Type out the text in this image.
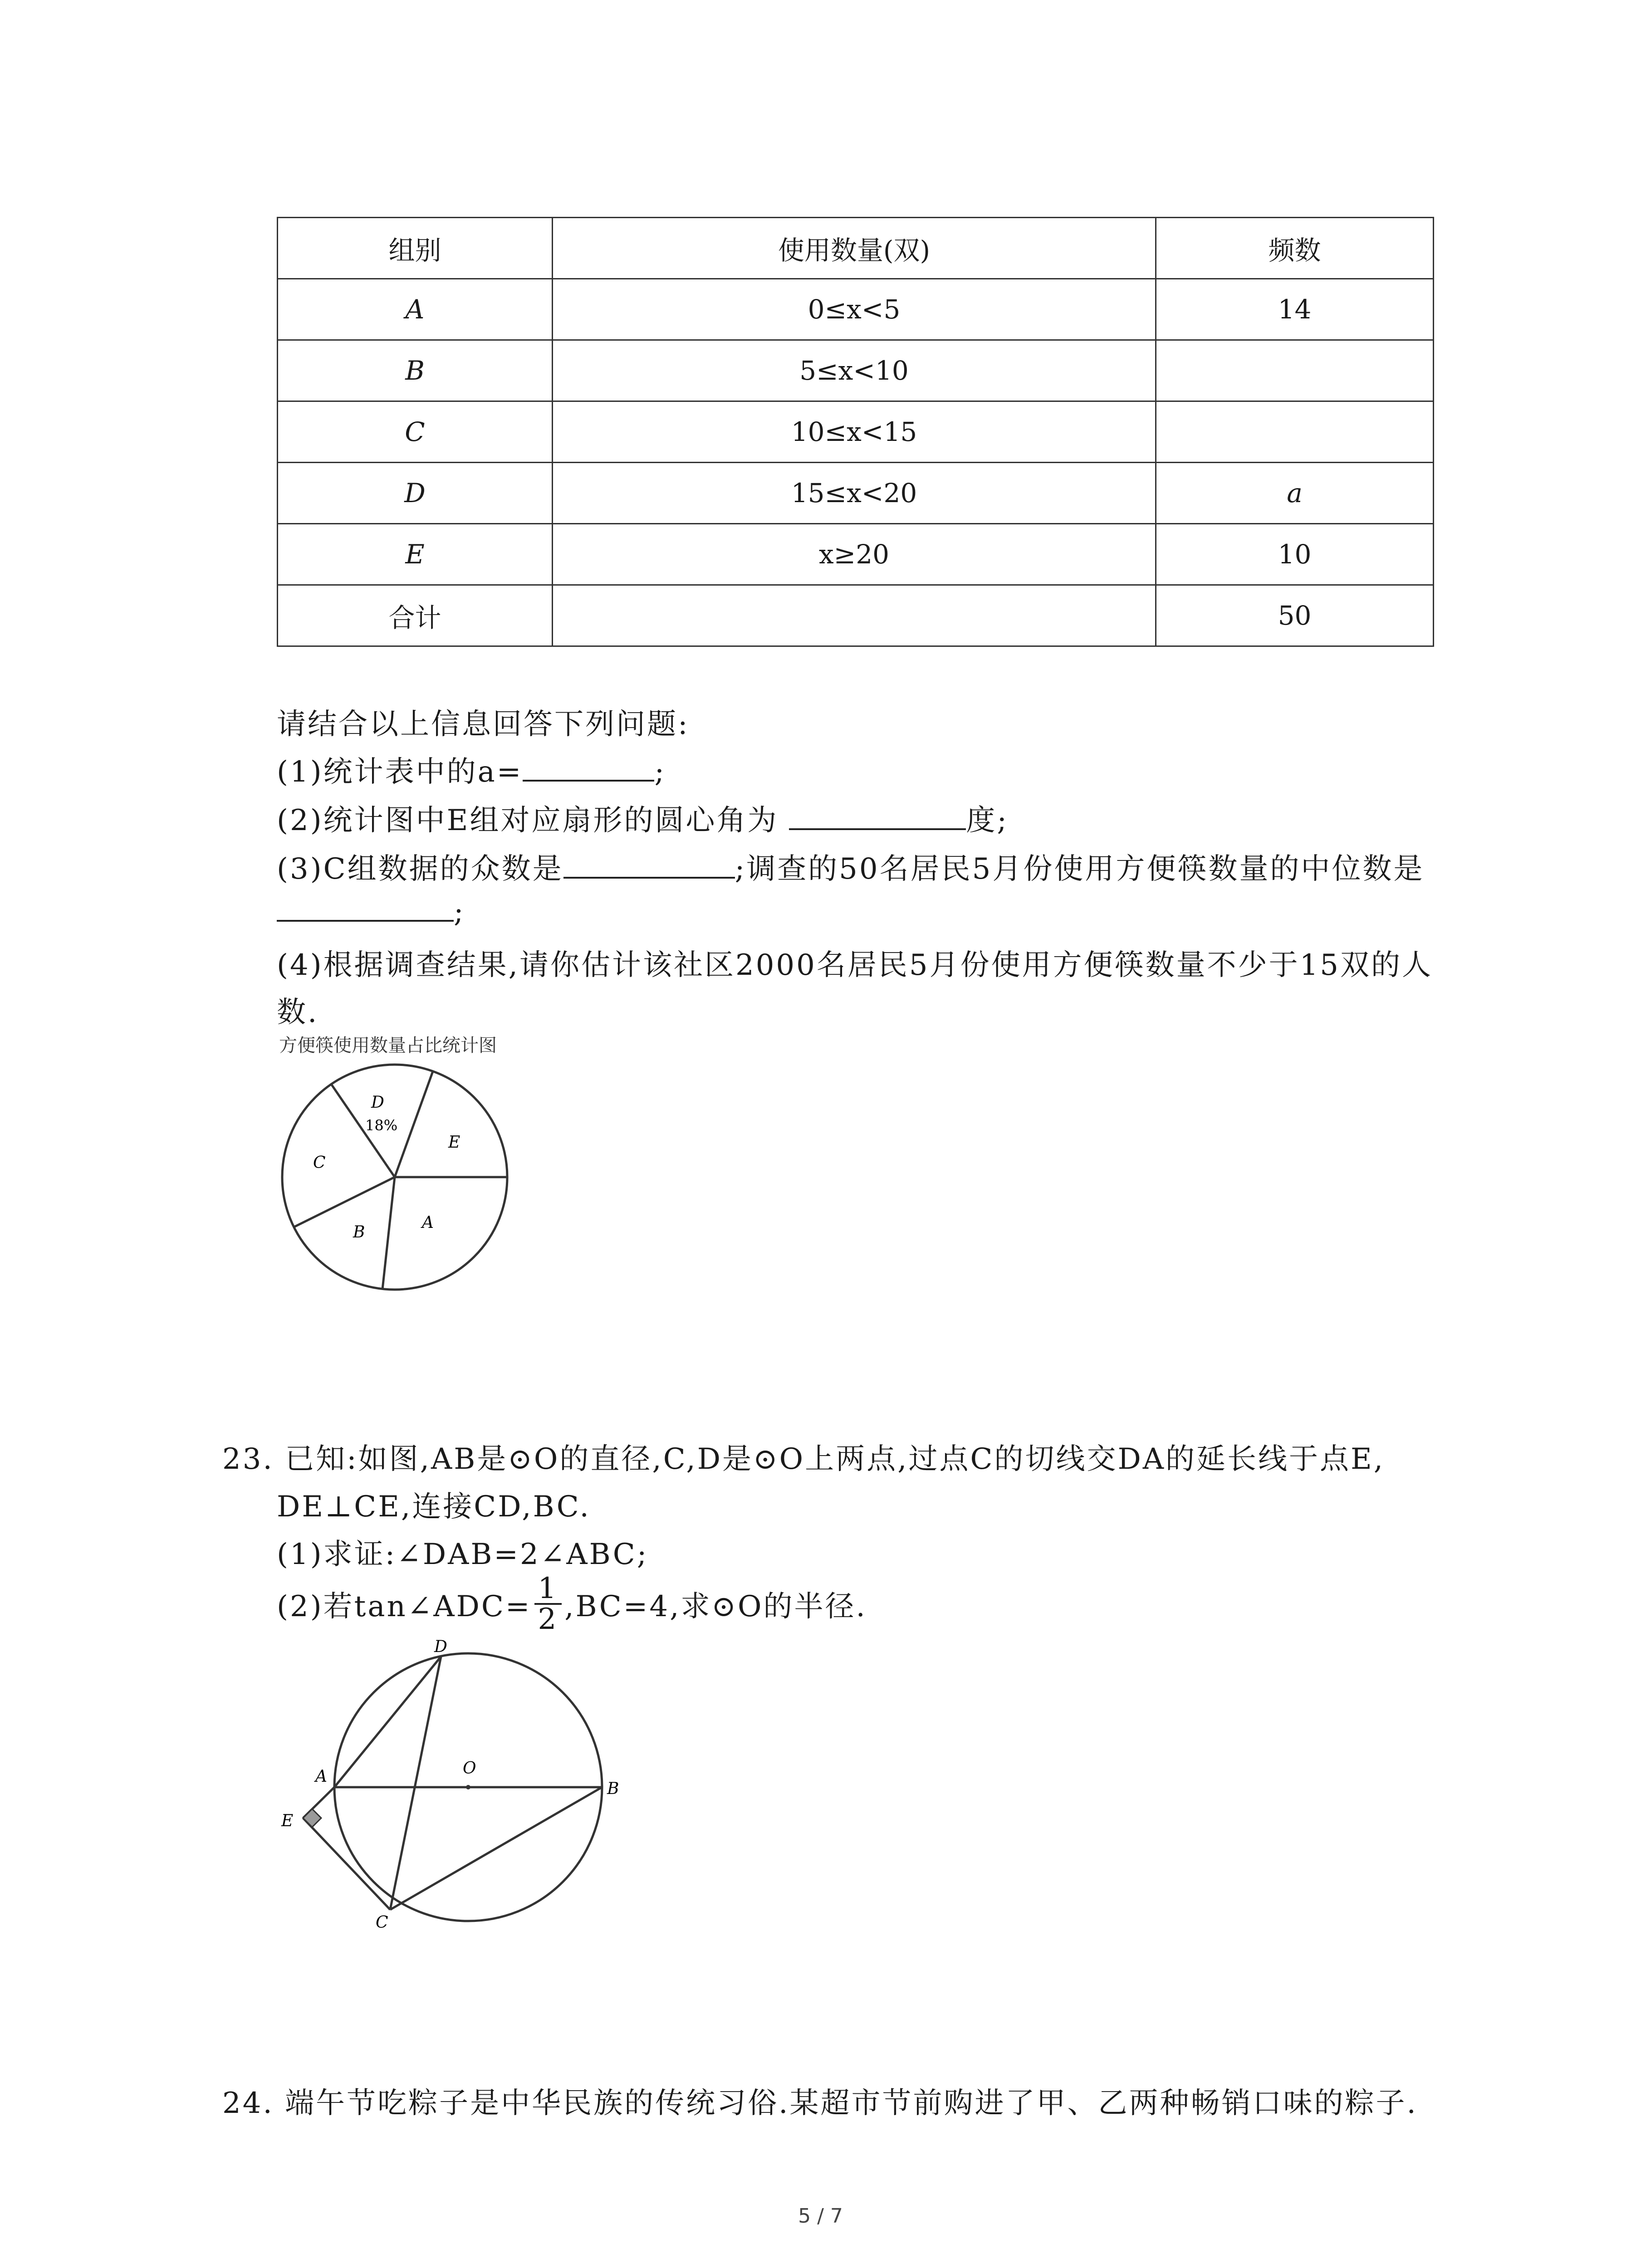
组别	使用数量(双)	频数
A	0≤x<5	14
B	5≤x<10	
C	10≤x<15	
D	15≤x<20	a
E	x≥20	10
合计		50
请结合以上信息回答下列问题:
(1)统计表中的a=	;
(2)统计图中E组对应扇形的圆心角为	度;
(3)C组数据的众数是	;调查的50名居民5月份使用方便筷数量的中位数是
;
(4)根据调查结果,请你估计该社区2000名居民5月份使用方便筷数量不少于15双的人
数.
方便筷使用数量占比统计图
D
18%
E
A
B
C
23. 已知:如图,AB是⊙O的直径,C,D是⊙O上两点,过点C的切线交DA的延长线于点E,
DE⊥CE,连接CD,BC.
(1)求证:∠DAB=2∠ABC;
(2)若tan∠ADC= $\frac{1}{2} ,BC=4$,求⊙O的半径.
D
O
A
B
E
C
24. 端午节吃粽子是中华民族的传统习俗.某超市节前购进了甲、乙两种畅销口味的粽子.
5 / 7
